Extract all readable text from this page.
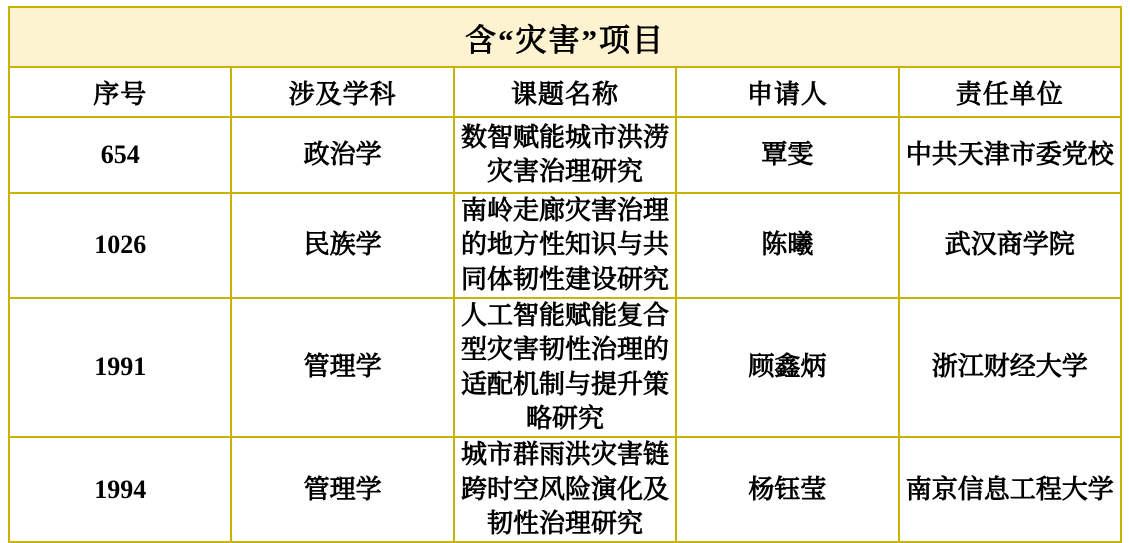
含“灾害”项目				
序号	涉及学科	课题名称	申请人	责任单位
654	政治学	数智赋能城市洪涝灾害治理研究	覃雯	中共天津市委党校
1026	民族学	南岭走廊灾害治理的地方性知识与共同体韧性建设研究	陈曦	武汉商学院
1991	管理学	人工智能赋能复合型灾害韧性治理的适配机制与提升策略研究	顾鑫炳	浙江财经大学
1994	管理学	城市群雨洪灾害链跨时空风险演化及韧性治理研究	杨钰莹	南京信息工程大学
